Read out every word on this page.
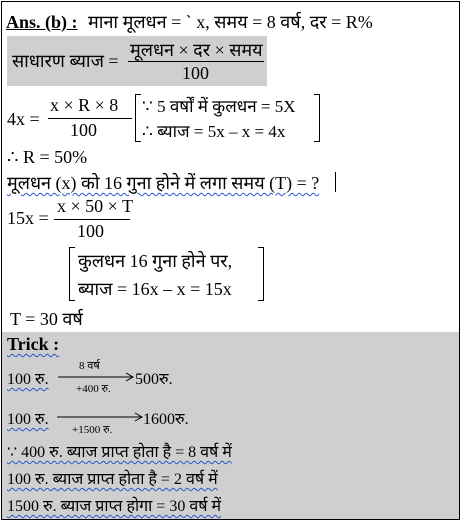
Ans. (b) : माना मूलधन = ` x, समय = 8 वर्ष, दर = R%
साधारण ब्याज =
मूलधन × दर × समय
100
4x =
x × R × 8
100
∵ 5 वर्षों में कुलधन = 5X
∴ ब्याज = 5x – x = 4x
∴ R = 50%
मूलधन (x) को 16 गुना होने में लगा समय (T) = ?
15x =
x × 50 × T
100
कुलधन 16 गुना होने पर,
ब्याज = 16x – x = 15x
T = 30 वर्ष
Trick :
100 रु.
8 वर्ष
+400 रु.
500रु.
100 रु.
+1500 रु.
1600रु.
∵ 400 रु. ब्याज प्राप्त होता है = 8 वर्ष में
100 रु. ब्याज प्राप्त होता है = 2 वर्ष में
1500 रु. ब्याज प्राप्त होगा = 30 वर्ष में
